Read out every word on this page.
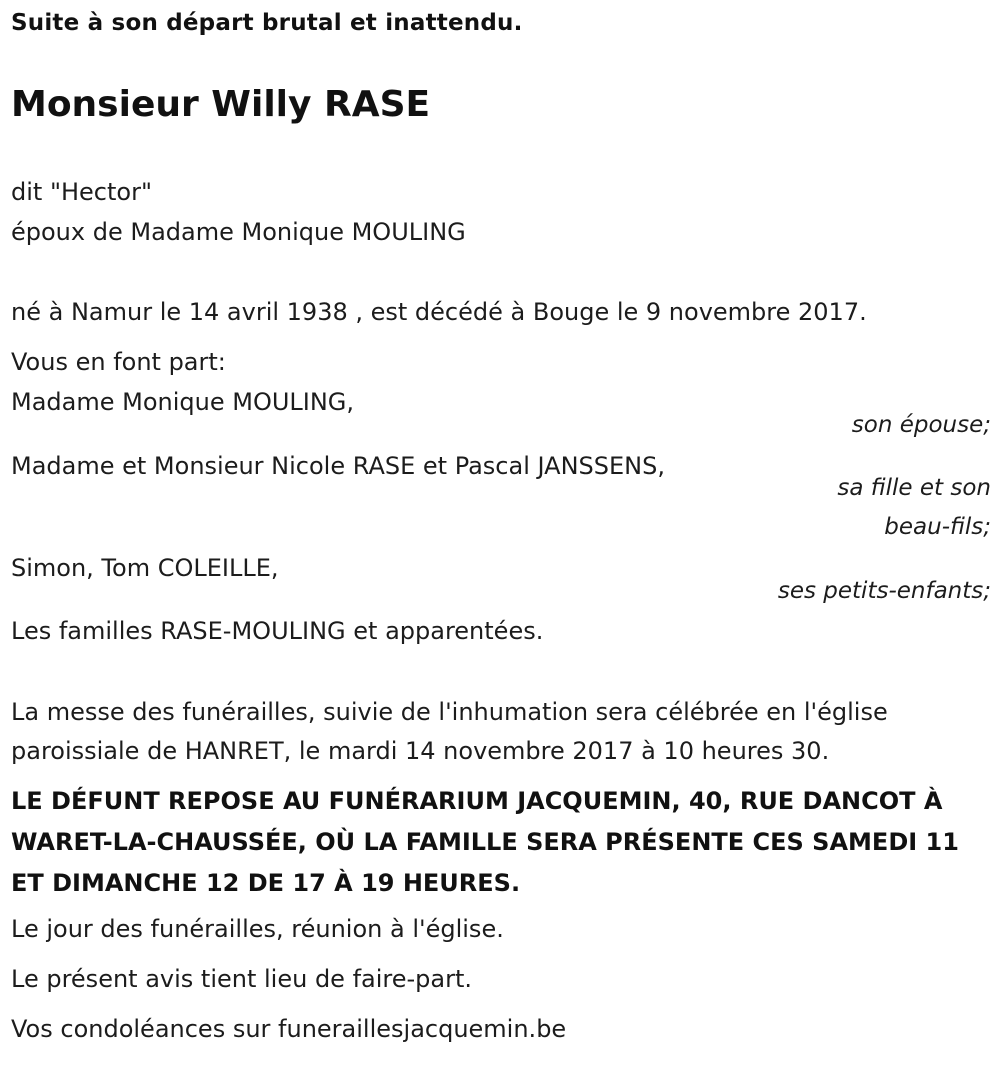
Suite à son départ brutal et inattendu.
Monsieur Willy RASE
dit "Hector"
époux de Madame Monique MOULING
né à Namur le 14 avril 1938 , est décédé à Bouge le 9 novembre 2017.
Vous en font part:
Madame Monique MOULING,
son épouse;
Madame et Monsieur Nicole RASE et Pascal JANSSENS,
sa fille et son
beau-fils;
Simon, Tom COLEILLE,
ses petits-enfants;
Les familles RASE-MOULING et apparentées.
La messe des funérailles, suivie de l'inhumation sera célébrée en l'église paroissiale de HANRET, le mardi 14 novembre 2017 à 10 heures 30.
LE DÉFUNT REPOSE AU FUNÉRARIUM JACQUEMIN, 40, RUE DANCOT À WARET-LA-CHAUSSÉE, OÙ LA FAMILLE SERA PRÉSENTE CES SAMEDI 11 ET DIMANCHE 12 DE 17 À 19 HEURES.
Le jour des funérailles, réunion à l'église.
Le présent avis tient lieu de faire-part.
Vos condoléances sur funeraillesjacquemin.be
